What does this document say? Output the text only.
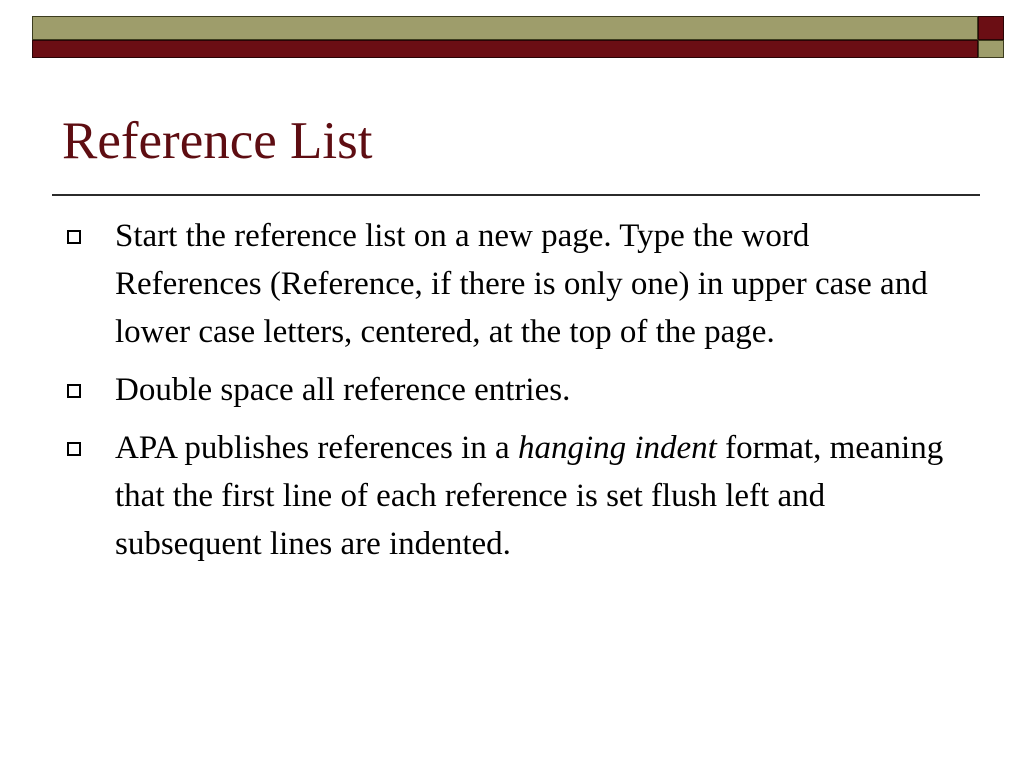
Reference List
Start the reference list on a new page. Type the word References (Reference, if there is only one) in upper case and lower case letters, centered, at the top of the page.
Double space all reference entries.
APA publishes references in a hanging indent format, meaning that the first line of each reference is set flush left and subsequent lines are indented.
